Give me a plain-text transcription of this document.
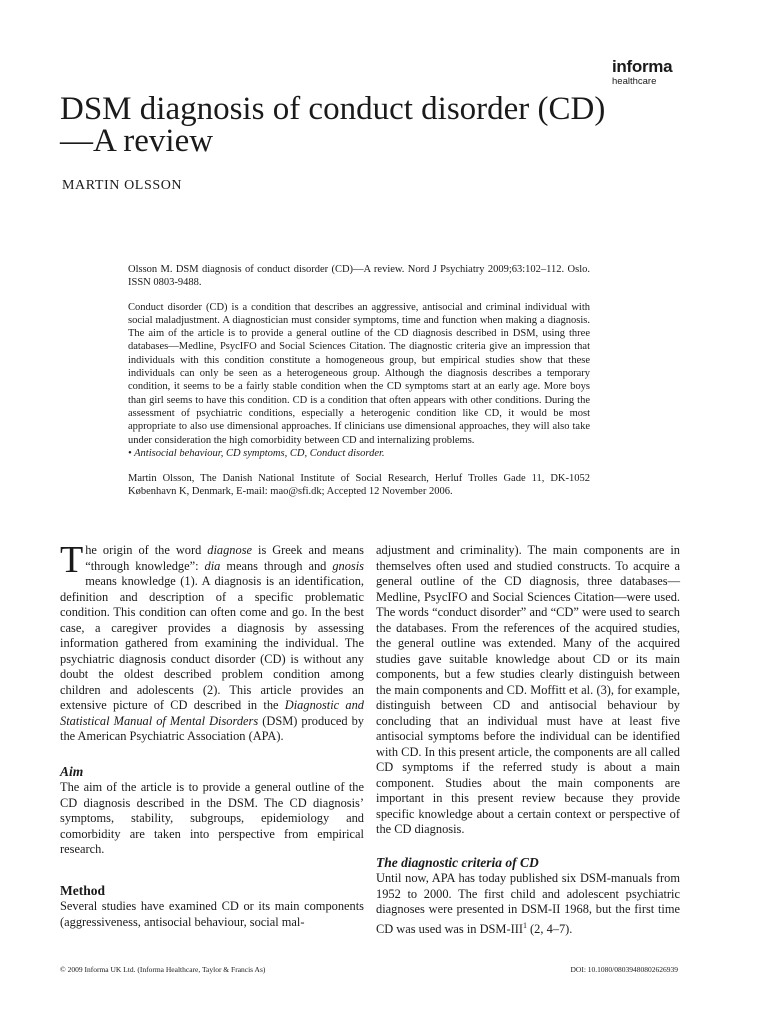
informa
healthcare
DSM diagnosis of conduct disorder (CD)—A review
MARTIN OLSSON

Olsson M. DSM diagnosis of conduct disorder (CD)—A review. Nord J Psychiatry 2009;63:102–112. Oslo. ISSN 0803-9488.

Conduct disorder (CD) is a condition that describes an aggressive, antisocial and criminal individual with social maladjustment. A diagnostician must consider symptoms, time and function when making a diagnosis. The aim of the article is to provide a general outline of the CD diagnosis described in DSM, using three databases—Medline, PsycIFO and Social Sciences Citation. The diagnostic criteria give an impression that individuals with this condition constitute a homogeneous group, but empirical studies show that these individuals can only be seen as a heterogeneous group. Although the diagnosis describes a temporary condition, it seems to be a fairly stable condition when the CD symptoms start at an early age. More boys than girl seems to have this condition. CD is a condition that often appears with other conditions. During the assessment of psychiatric conditions, especially a heterogenic condition like CD, it would be most appropriate to also use dimensional approaches. If clinicians use dimensional approaches, they will also take under consideration the high comorbidity between CD and internalizing problems.

• Antisocial behaviour, CD symptoms, CD, Conduct disorder.

Martin Olsson, The Danish National Institute of Social Research, Herluf Trolles Gade 11, DK-1052 København K, Denmark, E-mail: mao@sfi.dk; Accepted 12 November 2006.

The origin of the word diagnose is Greek and means “through knowledge”: dia means through and gnosis means knowledge (1). A diagnosis is an identification, definition and description of a specific problematic condition. This condition can often come and go. In the best case, a caregiver provides a diagnosis by assessing information gathered from examining the individual. The psychiatric diagnosis conduct disorder (CD) is without any doubt the oldest described problem condition among children and adolescents (2). This article provides an extensive picture of CD described in the Diagnostic and Statistical Manual of Mental Disorders (DSM) produced by the American Psychiatric Association (APA).

Aim

The aim of the article is to provide a general outline of the CD diagnosis described in the DSM. The CD diagnosis’ symptoms, stability, subgroups, epidemiology and comorbidity are taken into perspective from empirical research.

Method

Several studies have examined CD or its main components (aggressiveness, antisocial behaviour, social mal-

adjustment and criminality). The main components are in themselves often used and studied constructs. To acquire a general outline of the CD diagnosis, three databases—Medline, PsycIFO and Social Sciences Citation—were used. The words “conduct disorder” and “CD” were used to search the databases. From the references of the acquired studies, the general outline was extended. Many of the acquired studies gave suitable knowledge about CD or its main components, but a few studies clearly distinguish between the main components and CD. Moffitt et al. (3), for example, distinguish between CD and antisocial behaviour by concluding that an individual must have at least five antisocial symptoms before the individual can be identified with CD. In this present article, the components are all called CD symptoms if the referred study is about a main component. Studies about the main components are important in this present review because they provide specific knowledge about a certain context or perspective of the CD diagnosis.

The diagnostic criteria of CD

Until now, APA has today published six DSM-manuals from 1952 to 2000. The first child and adolescent psychiatric diagnoses were presented in DSM-II 1968, but the first time CD was used was in DSM-III$^1$ (2, 4–7).

© 2009 Informa UK Ltd. (Informa Healthcare, Taylor & Francis As)	DOI: 10.1080/08039480802626939
